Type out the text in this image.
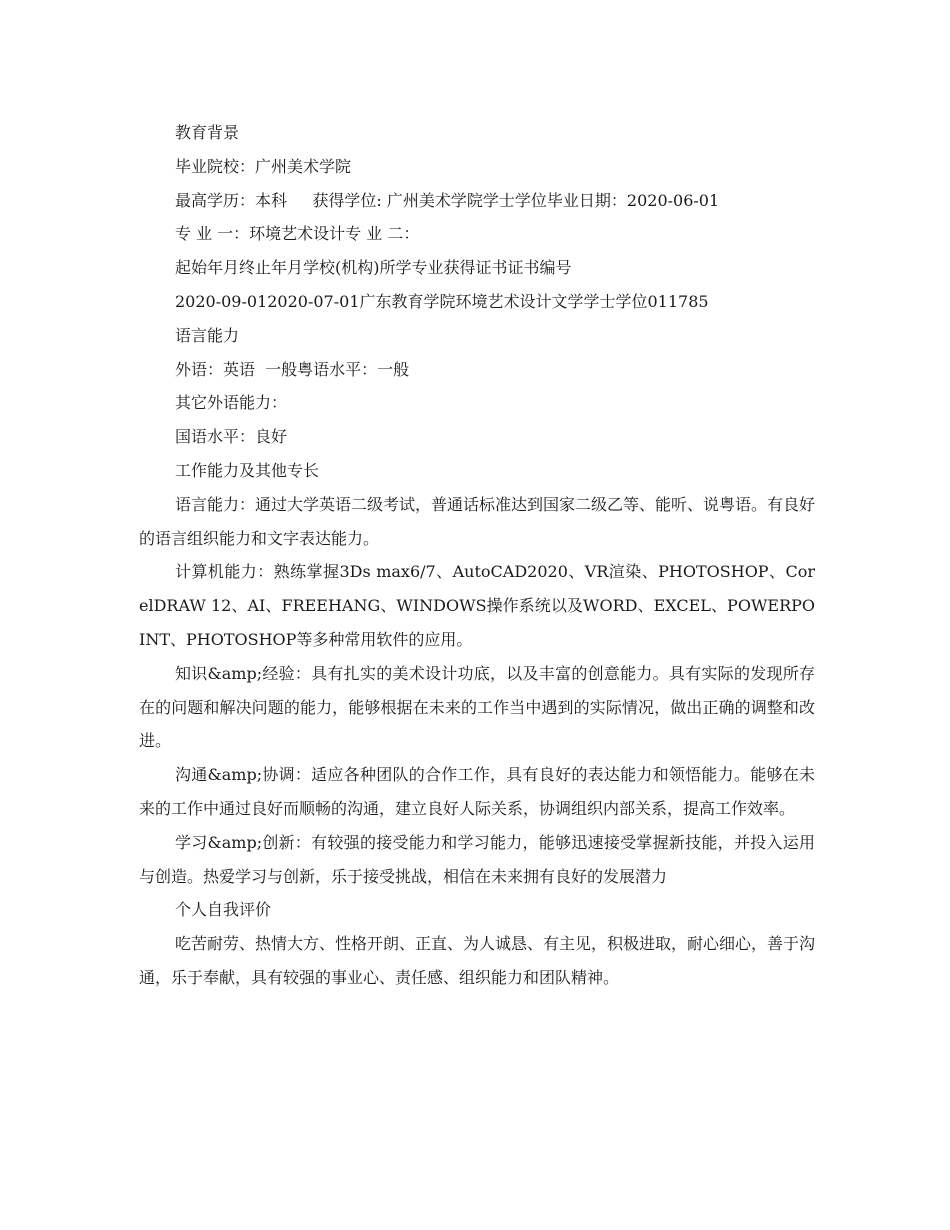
教育背景
毕业院校：广州美术学院
最高学历：本科     获得学位: 广州美术学院学士学位毕业日期：2020-06-01
专 业 一：环境艺术设计专 业 二：
起始年月终止年月学校(机构)所学专业获得证书证书编号
2020-09-012020-07-01广东教育学院环境艺术设计文学学士学位011785
语言能力
外语：英语  一般粤语水平：一般
其它外语能力：
国语水平：良好
工作能力及其他专长
语言能力：通过大学英语二级考试，普通话标准达到国家二级乙等、能听、说粤语。有良好的语言组织能力和文字表达能力。
计算机能力：熟练掌握3Ds max6/7、AutoCAD2020、VR渲染、PHOTOSHOP、CorelDRAW 12、AI、FREEHANG、WINDOWS操作系统以及WORD、EXCEL、POWERPOINT、PHOTOSHOP等多种常用软件的应用。
知识&amp;经验：具有扎实的美术设计功底，以及丰富的创意能力。具有实际的发现所存在的问题和解决问题的能力，能够根据在未来的工作当中遇到的实际情况，做出正确的调整和改进。
沟通&amp;协调：适应各种团队的合作工作，具有良好的表达能力和领悟能力。能够在未来的工作中通过良好而顺畅的沟通，建立良好人际关系，协调组织内部关系，提高工作效率。
学习&amp;创新：有较强的接受能力和学习能力，能够迅速接受掌握新技能，并投入运用与创造。热爱学习与创新，乐于接受挑战，相信在未来拥有良好的发展潜力
个人自我评价
吃苦耐劳、热情大方、性格开朗、正直、为人诚恳、有主见，积极进取，耐心细心，善于沟通，乐于奉献，具有较强的事业心、责任感、组织能力和团队精神。
